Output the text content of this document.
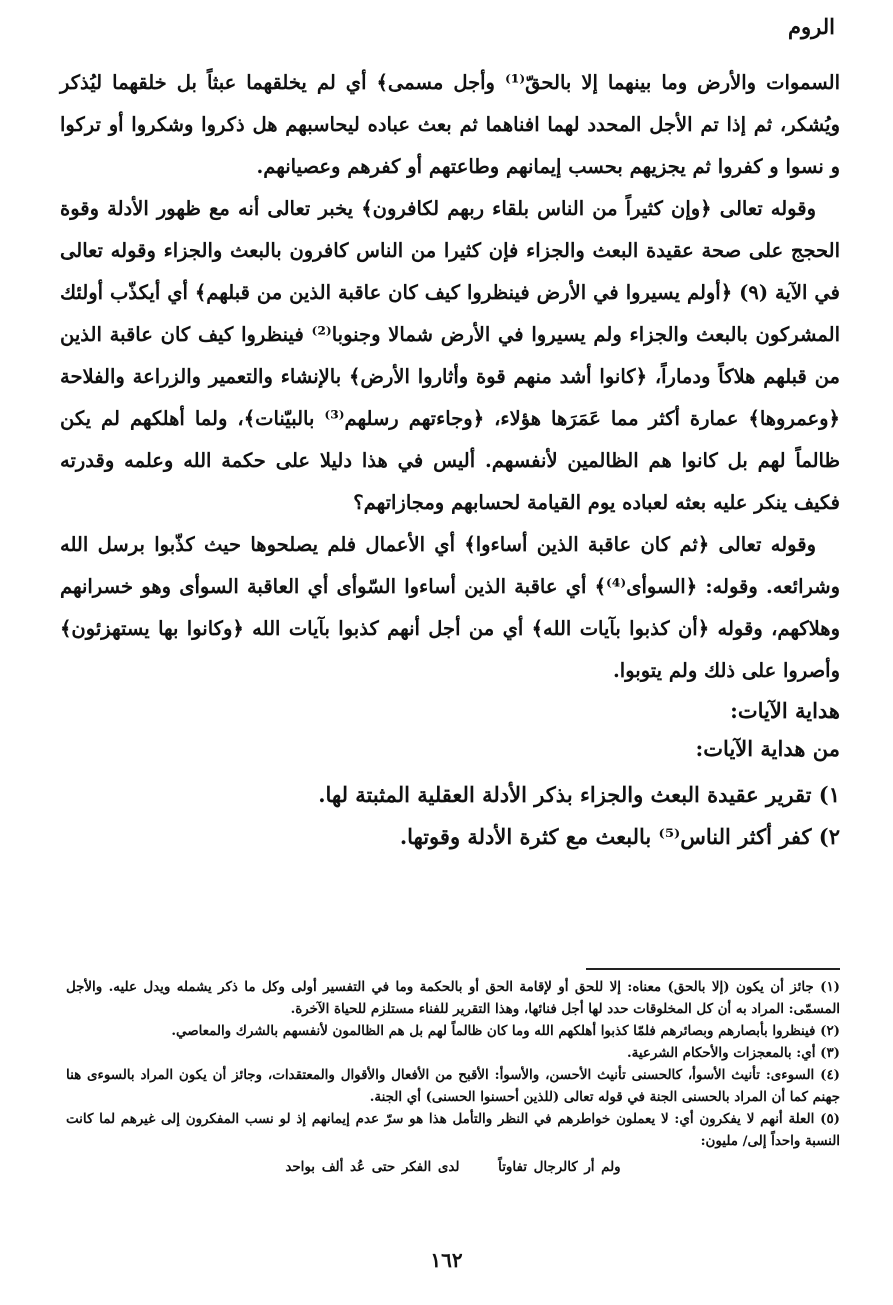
الروم

السموات والأرض وما بينهما إلا بالحقّ⁽¹⁾ وأجل مسمى﴾ أي لم يخلقهما عبثاً بل خلقهما ليُذكر ويُشكر، ثم إذا تم الأجل المحدد لهما افناهما ثم بعث عباده ليحاسبهم هل ذكروا وشكروا أو تركوا و نسوا و كفروا ثم يجزيهم بحسب إيمانهم وطاعتهم أو كفرهم وعصيانهم.

وقوله تعالى ﴿وإن كثيراً من الناس بلقاء ربهم لكافرون﴾ يخبر تعالى أنه مع ظهور الأدلة وقوة الحجج على صحة عقيدة البعث والجزاء فإن كثيرا من الناس كافرون بالبعث والجزاء وقوله تعالى في الآية (٩) ﴿أولم يسيروا في الأرض فينظروا كيف كان عاقبة الذين من قبلهم﴾ أي أيكذّب أولئك المشركون بالبعث والجزاء ولم يسيروا في الأرض شمالا وجنوبا⁽²⁾ فينظروا كيف كان عاقبة الذين من قبلهم هلاكاً ودماراً، ﴿كانوا أشد منهم قوة وأثاروا الأرض﴾ بالإنشاء والتعمير والزراعة والفلاحة ﴿وعمروها﴾ عمارة أكثر مما عَمَرَها هؤلاء، ﴿وجاءتهم رسلهم⁽³⁾ بالبيّنات﴾، ولما أهلكهم لم يكن ظالماً لهم بل كانوا هم الظالمين لأنفسهم. أليس في هذا دليلا على حكمة الله وعلمه وقدرته فكيف ينكر عليه بعثه لعباده يوم القيامة لحسابهم ومجازاتهم؟

وقوله تعالى ﴿ثم كان عاقبة الذين أساءوا﴾ أي الأعمال فلم يصلحوها حيث كذّبوا برسل الله وشرائعه. وقوله: ﴿السوأى⁽⁴⁾﴾ أي عاقبة الذين أساءوا السّوأى أي العاقبة السوأى وهو خسرانهم وهلاكهم، وقوله ﴿أن كذبوا بآيات الله﴾ أي من أجل أنهم كذبوا بآيات الله ﴿وكانوا بها يستهزئون﴾ وأصروا على ذلك ولم يتوبوا.

هداية الآيات:

من هداية الآيات:

١) تقرير عقيدة البعث والجزاء بذكر الأدلة العقلية المثبتة لها.

٢) كفر أكثر الناس⁽⁵⁾ بالبعث مع كثرة الأدلة وقوتها.

(١) جائز أن يكون (إلا بالحق) معناه: إلا للحق أو لإقامة الحق أو بالحكمة وما في التفسير أولى وكل ما ذكر يشمله ويدل عليه. والأجل المسمّى: المراد به أن كل المخلوقات حدد لها أجل فنائها، وهذا التقرير للفناء مستلزم للحياة الآخرة.

(٢) فينظروا بأبصارهم وبصائرهم فلمّا كذبوا أهلكهم الله وما كان ظالماً لهم بل هم الظالمون لأنفسهم بالشرك والمعاصي.

(٣) أي: بالمعجزات والأحكام الشرعية.

(٤) السوءى: تأنيث الأسوأ، كالحسنى تأنيث الأحسن، والأسوأ: الأقبح من الأفعال والأقوال والمعتقدات، وجائز أن يكون المراد بالسوءى هنا جهنم كما أن المراد بالحسنى الجنة في قوله تعالى (للذين أحسنوا الحسنى) أي الجنة.

(٥) العلة أنهم لا يفكرون أي: لا يعملون خواطرهم في النظر والتأمل هذا هو سرّ عدم إيمانهم إذ لو نسب المفكرون إلى غيرهم لما كانت النسبة واحداً إلى/ مليون:

ولم أر كالرجال تفاوتاً لدى الفكر حتى عُد ألف بواحد
١٦٢
